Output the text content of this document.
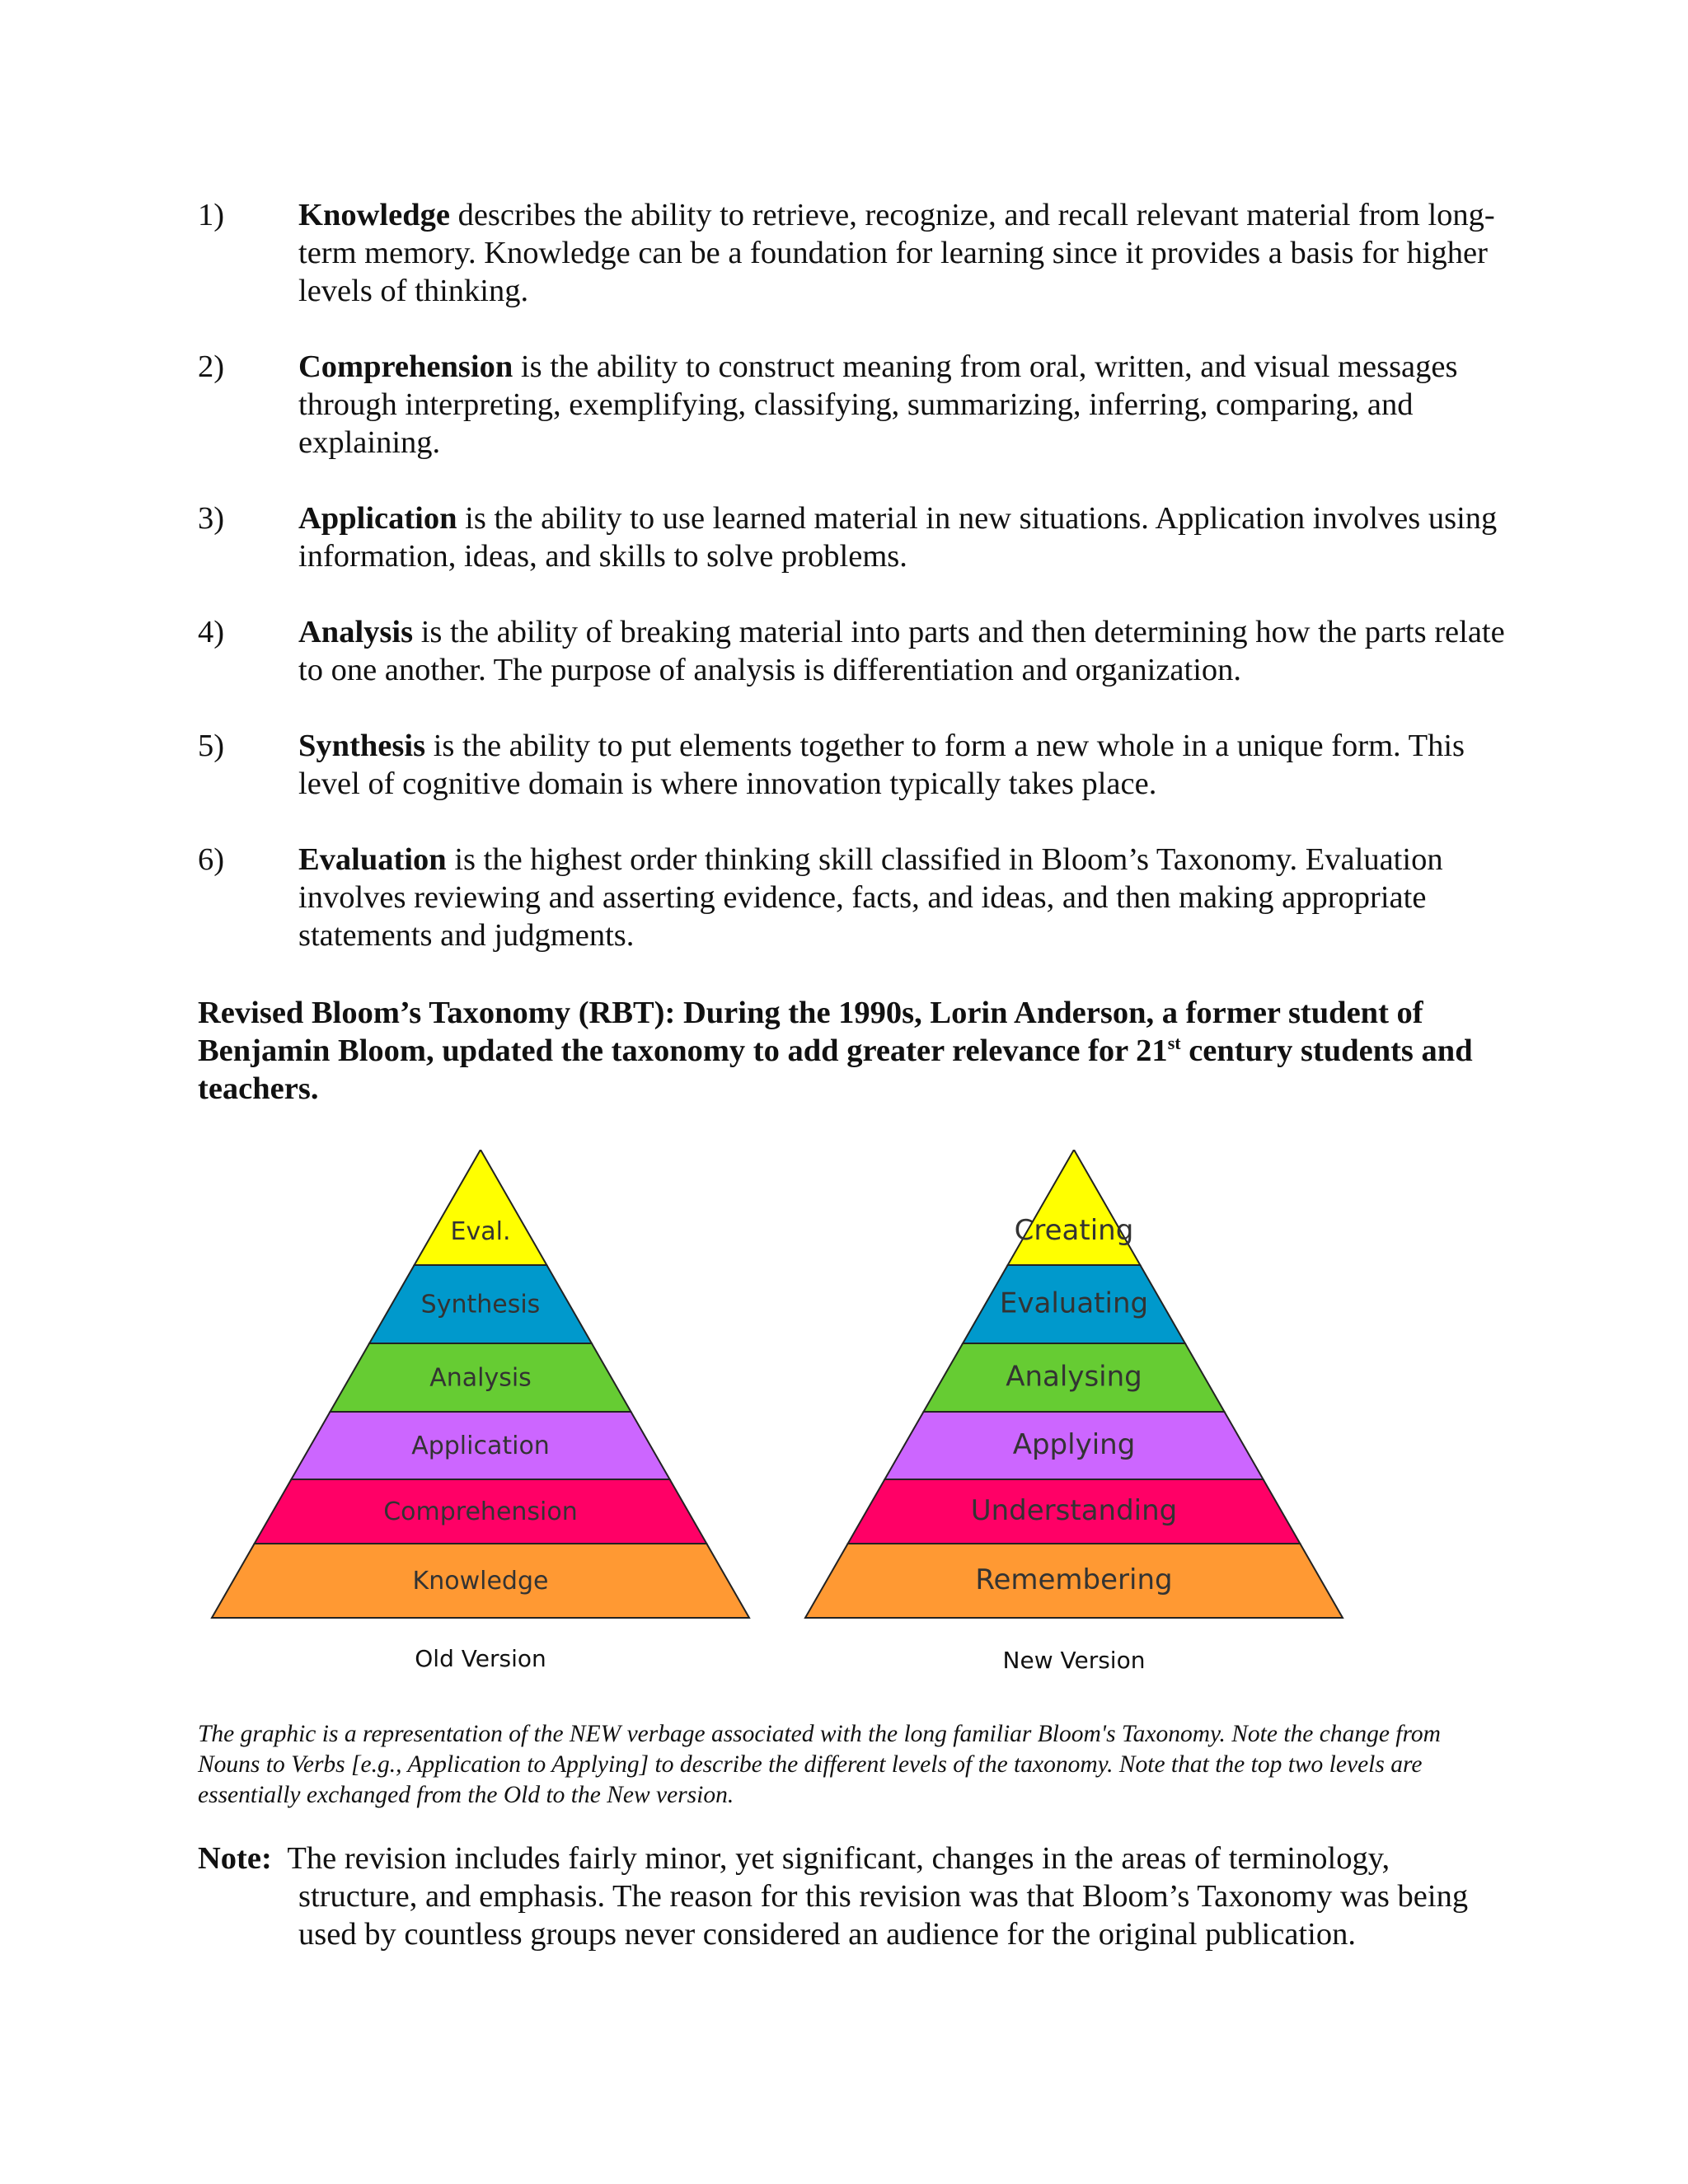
1)	Knowledge describes the ability to retrieve, recognize, and recall relevant material from long-term memory. Knowledge can be a foundation for learning since it provides a basis for higher levels of thinking.
2)	Comprehension is the ability to construct meaning from oral, written, and visual messages through interpreting, exemplifying, classifying, summarizing, inferring, comparing, and explaining.
3)	Application is the ability to use learned material in new situations. Application involves using information, ideas, and skills to solve problems.
4)	Analysis is the ability of breaking material into parts and then determining how the parts relate to one another. The purpose of analysis is differentiation and organization.
5)	Synthesis is the ability to put elements together to form a new whole in a unique form. This level of cognitive domain is where innovation typically takes place.
6)	Evaluation is the highest order thinking skill classified in Bloom’s Taxonomy. Evaluation involves reviewing and asserting evidence, facts, and ideas, and then making appropriate statements and judgments.
Revised Bloom’s Taxonomy (RBT): During the 1990s, Lorin Anderson, a former student of Benjamin Bloom, updated the taxonomy to add greater relevance for 21st century students and teachers.
Eval.
Synthesis
Analysis
Application
Comprehension
Knowledge
Creating
Evaluating
Analysing
Applying
Understanding
Remembering
Old Version	New Version
The graphic is a representation of the NEW verbage associated with the long familiar Bloom's Taxonomy. Note the change from Nouns to Verbs [e.g., Application to Applying] to describe the different levels of the taxonomy. Note that the top two levels are essentially exchanged from the Old to the New version.
Note:  The revision includes fairly minor, yet significant, changes in the areas of terminology,
structure, and emphasis. The reason for this revision was that Bloom’s Taxonomy was being used by countless groups never considered an audience for the original publication.
